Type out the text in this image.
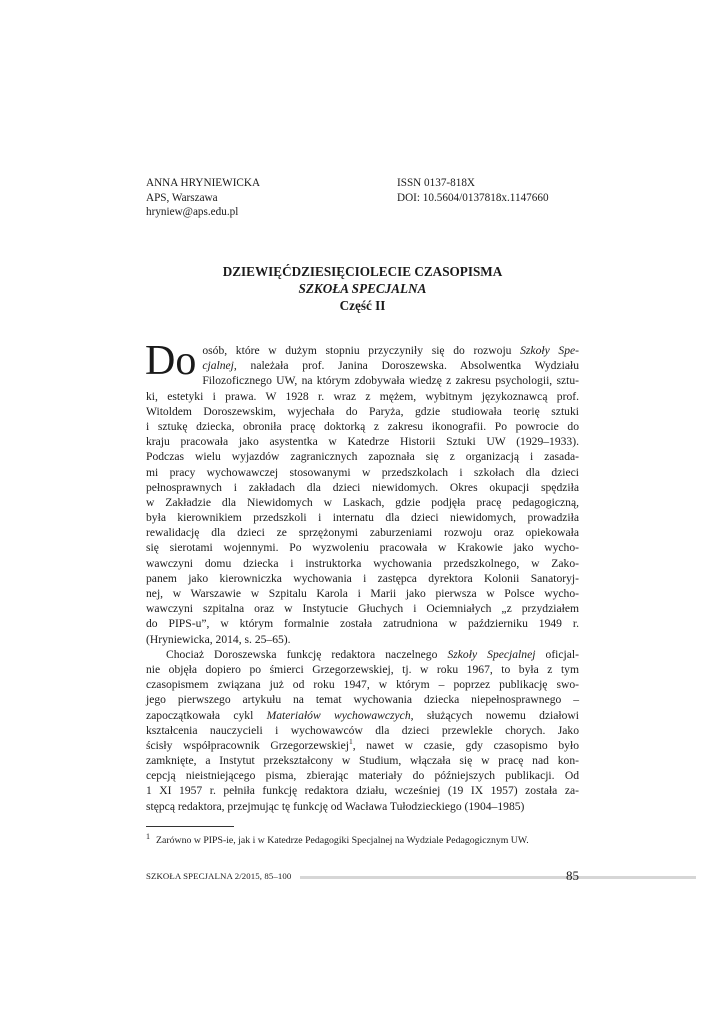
ANNA HRYNIEWICKA
APS, Warszawa
hryniew@aps.edu.pl
ISSN 0137-818X
DOI: 10.5604/0137818x.1147660
DZIEWIĘĆDZIESIĘCIOLECIE CZASOPISMA
SZKOŁA SPECJALNA
Część II
Do osób, które w dużym stopniu przyczyniły się do rozwoju Szkoły Spe-
cjalnej, należała prof. Janina Doroszewska. Absolwentka Wydziału
Filozoficznego UW, na którym zdobywała wiedzę z zakresu psychologii, sztu-
ki, estetyki i prawa. W 1928 r. wraz z mężem, wybitnym językoznawcą prof.
Witoldem Doroszewskim, wyjechała do Paryża, gdzie studiowała teorię sztuki
i sztukę dziecka, obroniła pracę doktorką z zakresu ikonografii. Po powrocie do
kraju pracowała jako asystentka w Katedrze Historii Sztuki UW (1929–1933).
Podczas wielu wyjazdów zagranicznych zapoznała się z organizacją i zasada-
mi pracy wychowawczej stosowanymi w przedszkolach i szkołach dla dzieci
pełnosprawnych i zakładach dla dzieci niewidomych. Okres okupacji spędziła
w Zakładzie dla Niewidomych w Laskach, gdzie podjęła pracę pedagogiczną,
była kierownikiem przedszkoli i internatu dla dzieci niewidomych, prowadziła
rewalidację dla dzieci ze sprzężonymi zaburzeniami rozwoju oraz opiekowała
się sierotami wojennymi. Po wyzwoleniu pracowała w Krakowie jako wycho-
wawczyni domu dziecka i instruktorka wychowania przedszkolnego, w Zako-
panem jako kierowniczka wychowania i zastępca dyrektora Kolonii Sanatoryj-
nej, w Warszawie w Szpitalu Karola i Marii jako pierwsza w Polsce wycho-
wawczyni szpitalna oraz w Instytucie Głuchych i Ociemniałych „z przydziałem
do PIPS-u”, w którym formalnie została zatrudniona w październiku 1949 r.
(Hryniewicka, 2014, s. 25–65).
Chociaż Doroszewska funkcję redaktora naczelnego Szkoły Specjalnej oficjal-
nie objęła dopiero po śmierci Grzegorzewskiej, tj. w roku 1967, to była z tym
czasopismem związana już od roku 1947, w którym – poprzez publikację swo-
jego pierwszego artykułu na temat wychowania dziecka niepełnosprawnego –
zapoczątkowała cykl Materiałów wychowawczych, służących nowemu działowi
kształcenia nauczycieli i wychowawców dla dzieci przewlekle chorych. Jako
ścisły współpracownik Grzegorzewskiej$^1$, nawet w czasie, gdy czasopismo było
zamknięte, a Instytut przekształcony w Studium, włączała się w pracę nad kon-
cepcją nieistniejącego pisma, zbierając materiały do późniejszych publikacji. Od
1 XI 1957 r. pełniła funkcję redaktora działu, wcześniej (19 IX 1957) została za-
stępcą redaktora, przejmując tę funkcję od Wacława Tułodzieckiego (1904–1985)
$^1$ Zarówno w PIPS-ie, jak i w Katedrze Pedagogiki Specjalnej na Wydziale Pedagogicznym UW.
SZKOŁA SPECJALNA 2/2015, 85–100	85
